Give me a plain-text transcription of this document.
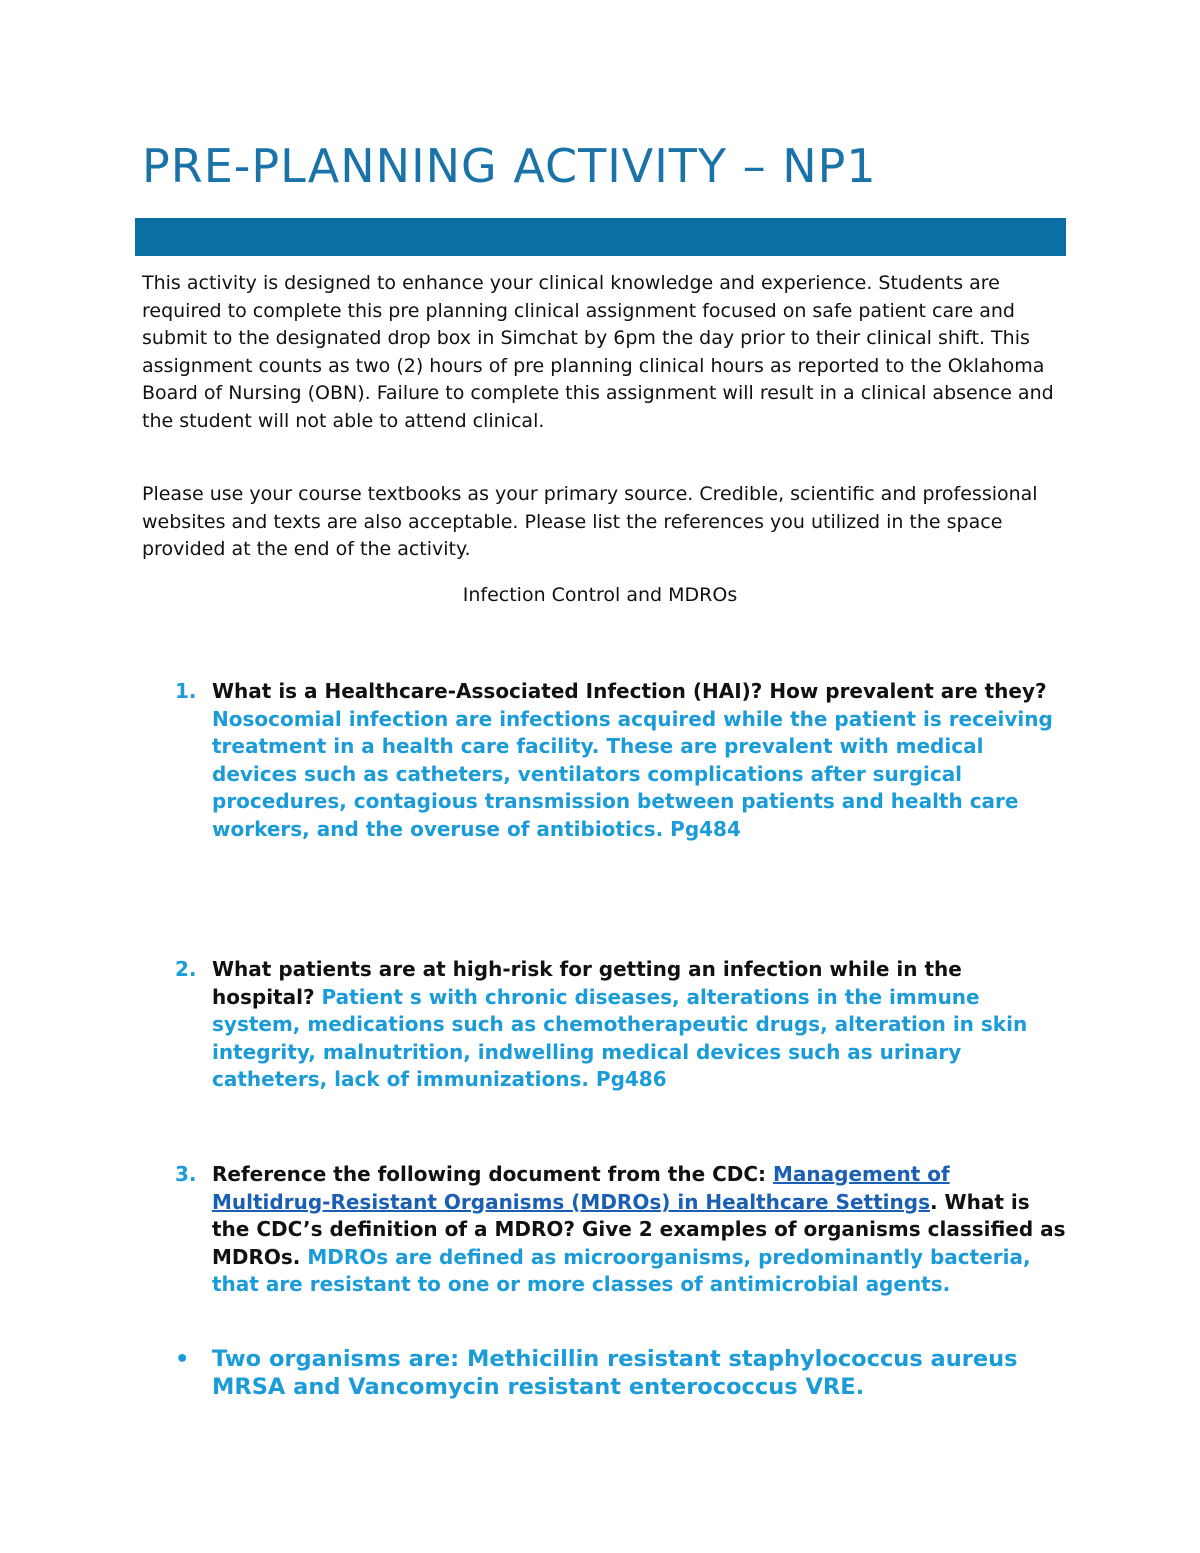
PRE-PLANNING ACTIVITY – NP1

This activity is designed to enhance your clinical knowledge and experience. Students are required to complete this pre planning clinical assignment focused on safe patient care and submit to the designated drop box in Simchat by 6pm the day prior to their clinical shift. This assignment counts as two (2) hours of pre planning clinical hours as reported to the Oklahoma Board of Nursing (OBN). Failure to complete this assignment will result in a clinical absence and the student will not able to attend clinical.

Please use your course textbooks as your primary source. Credible, scientific and professional websites and texts are also acceptable. Please list the references you utilized in the space provided at the end of the activity.

Infection Control and MDROs

1. What is a Healthcare-Associated Infection (HAI)? How prevalent are they? Nosocomial infection are infections acquired while the patient is receiving treatment in a health care facility. These are prevalent with medical devices such as catheters, ventilators complications after surgical procedures, contagious transmission between patients and health care workers, and the overuse of antibiotics. Pg484
2. What patients are at high-risk for getting an infection while in the hospital? Patient s with chronic diseases, alterations in the immune system, medications such as chemotherapeutic drugs, alteration in skin integrity, malnutrition, indwelling medical devices such as urinary catheters, lack of immunizations. Pg486
3. Reference the following document from the CDC: Management of Multidrug-Resistant Organisms (MDROs) in Healthcare Settings. What is the CDC’s definition of a MDRO? Give 2 examples of organisms classified as MDROs. MDROs are defined as microorganisms, predominantly bacteria, that are resistant to one or more classes of antimicrobial agents.
• Two organisms are: Methicillin resistant staphylococcus aureus MRSA and Vancomycin resistant enterococcus VRE.
